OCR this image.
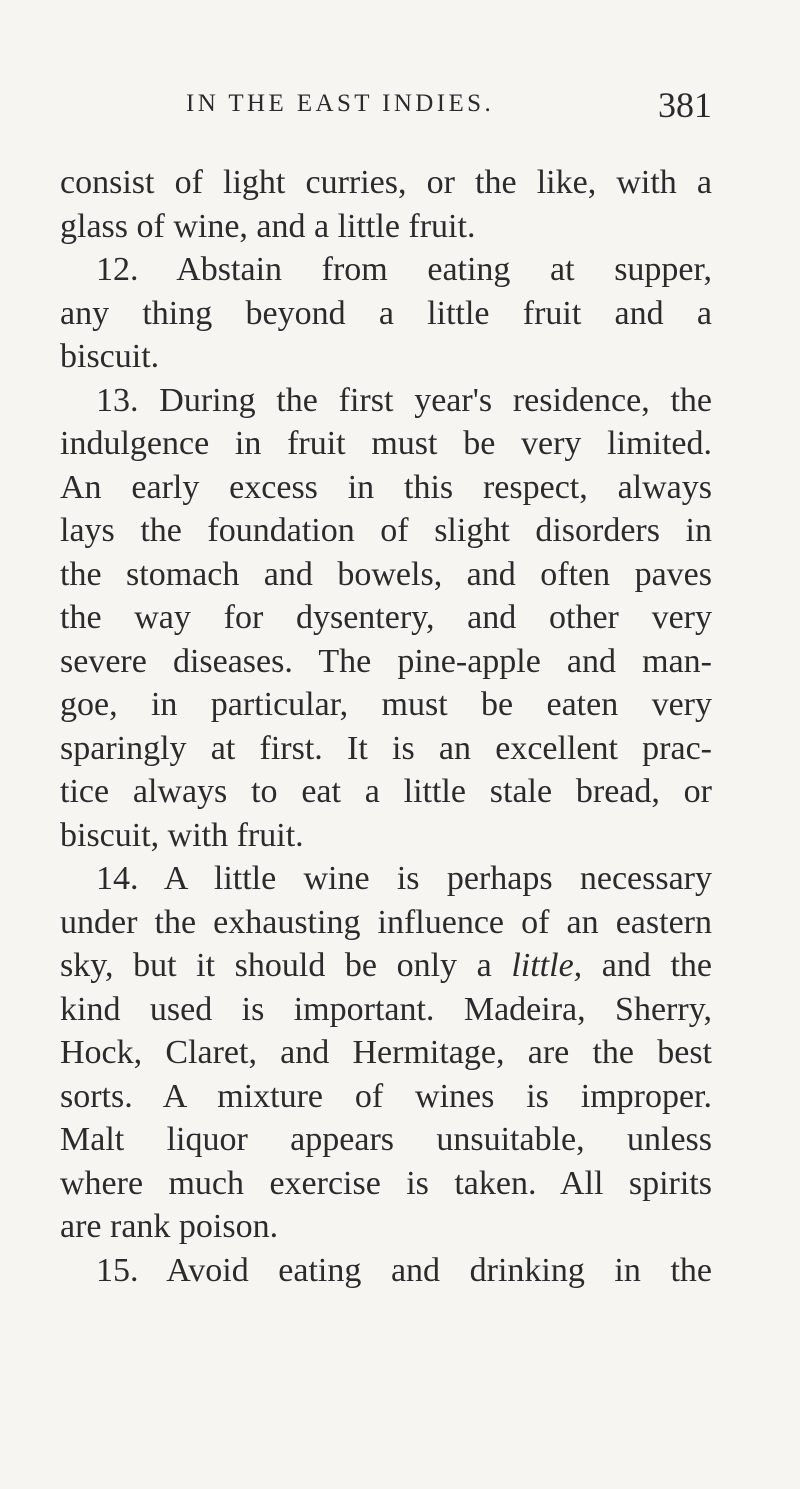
IN THE EAST INDIES.	381
consist of light curries, or the like, with a
glass of wine, and a little fruit.
12. Abstain from eating at supper,
any thing beyond a little fruit and a
biscuit.
13. During the first year's residence, the
indulgence in fruit must be very limited.
An early excess in this respect, always
lays the foundation of slight disorders in
the stomach and bowels, and often paves
the way for dysentery, and other very
severe diseases. The pine-apple and man-
goe, in particular, must be eaten very
sparingly at first. It is an excellent prac-
tice always to eat a little stale bread, or
biscuit, with fruit.
14. A little wine is perhaps necessary
under the exhausting influence of an eastern
sky, but it should be only a little, and the
kind used is important. Madeira, Sherry,
Hock, Claret, and Hermitage, are the best
sorts. A mixture of wines is improper.
Malt liquor appears unsuitable, unless
where much exercise is taken. All spirits
are rank poison.
15. Avoid eating and drinking in the
